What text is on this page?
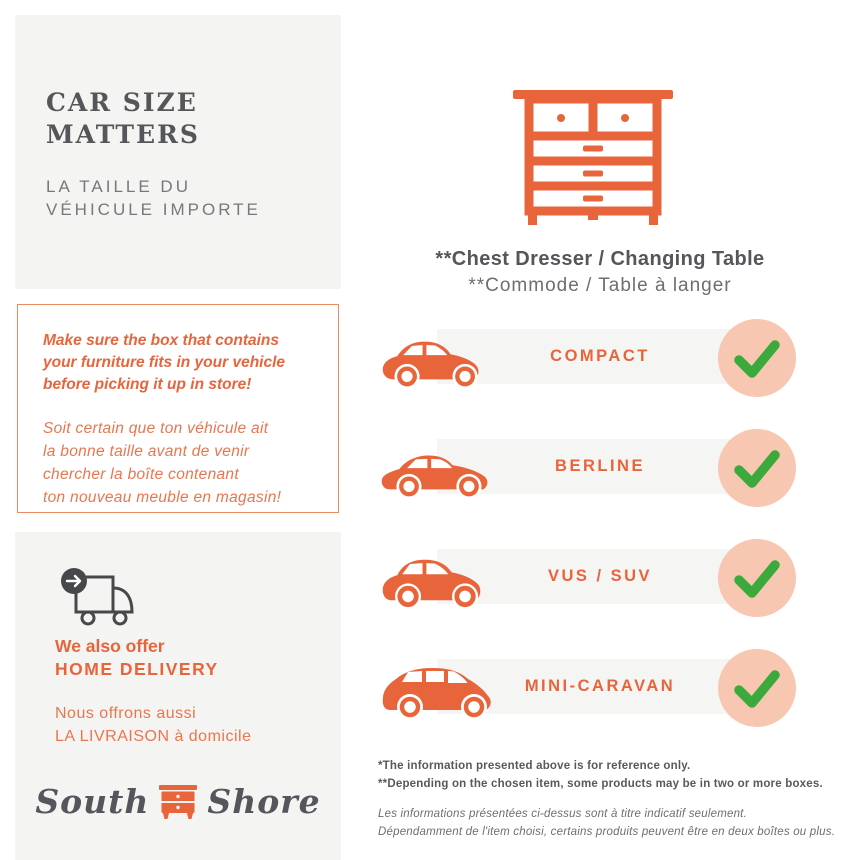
CAR SIZE
MATTERS
LA TAILLE DU
VÉHICULE IMPORTE
Make sure the box that contains
your furniture fits in your vehicle
before picking it up in store!
Soit certain que ton véhicule ait
la bonne taille avant de venir
chercher la boîte contenant
ton nouveau meuble en magasin!
We also offer
HOME DELIVERY
Nous offrons aussi
LA LIVRAISON à domicile
South Shore
**Chest Dresser / Changing Table
**Commode / Table à langer
COMPACT
BERLINE
VUS / SUV
MINI-CARAVAN
*The information presented above is for reference only.
**Depending on the chosen item, some products may be in two or more boxes.
Les informations présentées ci-dessus sont à titre indicatif seulement.
Dépendamment de l'item choisi, certains produits peuvent être en deux boîtes ou plus.
